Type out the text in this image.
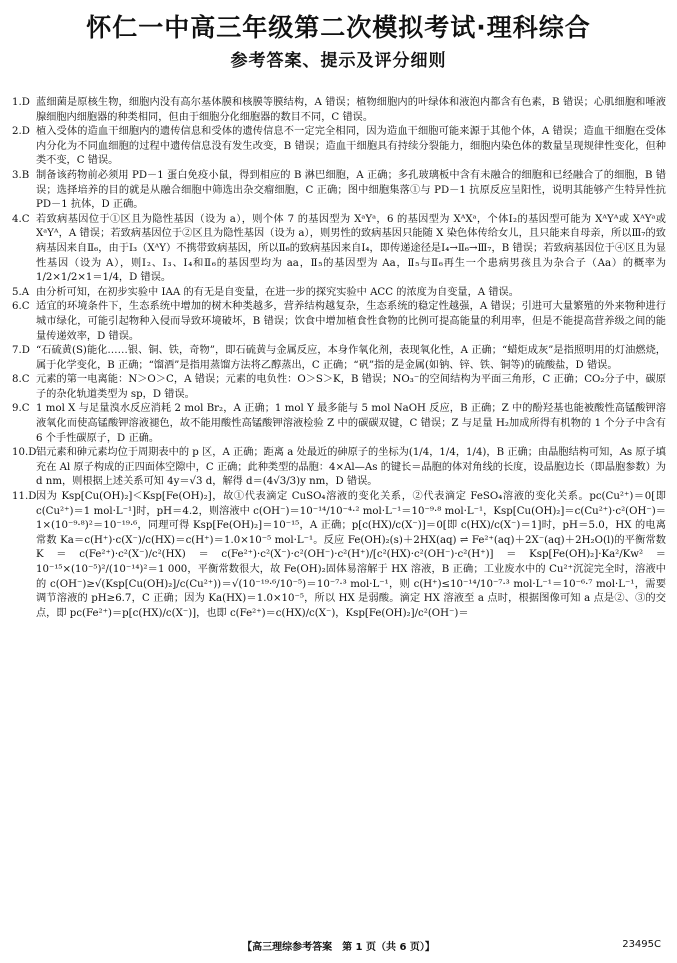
怀仁一中高三年级第二次模拟考试·理科综合
参考答案、提示及评分细则
1.D 蓝细菌是原核生物，细胞内没有高尔基体膜和核膜等膜结构，A 错误；植物细胞内的叶绿体和液泡内都含有色素，B 错误；心肌细胞和唾液腺细胞内细胞器的种类相同，但由于细胞分化细胞器的数目不同，C 错误。
2.D 植入受体的造血干细胞内的遗传信息和受体的遗传信息不一定完全相同，因为造血干细胞可能来源于其他个体，A 错误；造血干细胞在受体内分化为不同血细胞的过程中遗传信息没有发生改变，B 错误；造血干细胞具有持续分裂能力，细胞内染色体的数量呈现规律性变化，但种类不变，C 错误。
3.B 制备该药物前必须用 PD－1 蛋白免疫小鼠，得到相应的 B 淋巴细胞，A 正确；多孔玻璃板中含有未融合的细胞和已经融合了的细胞，B 错误；选择培养的目的就是从融合细胞中筛选出杂交瘤细胞，C 正确；图中细胞集落①与 PD－1 抗原反应呈阳性，说明其能够产生特异性抗 PD－1 抗体，D 正确。
4.C 若致病基因位于①区且为隐性基因（设为 a），则个体 7 的基因型为 XᵃYᵃ，6 的基因型为 XᴬXᵃ，个体Ⅰ₂的基因型可能为 XᴬYᴬ或 XᴬYᵃ或 XᵃYᴬ，A 错误；若致病基因位于②区且为隐性基因（设为 a），则男性的致病基因只能随 X 染色体传给女儿，且只能来自母亲，所以Ⅲ₇的致病基因来自Ⅱ₆，由于Ⅰ₃（XᴬY）不携带致病基因，所以Ⅱ₆的致病基因来自Ⅰ₄，即传递途径是Ⅰ₄→Ⅱ₆→Ⅲ₇，B 错误；若致病基因位于④区且为显性基因（设为 A），则Ⅰ₂、Ⅰ₃、Ⅰ₄和Ⅱ₆的基因型均为 aa，Ⅱ₅的基因型为 Aa，Ⅱ₅与Ⅱ₆再生一个患病男孩且为杂合子（Aa）的概率为 1/2×1/2×1＝1/4，D 错误。
5.A 由分析可知，在初步实验中 IAA 的有无是自变量，在进一步的探究实验中 ACC 的浓度为自变量，A 错误。
6.C 适宜的环境条件下，生态系统中增加的树木种类越多，营养结构越复杂，生态系统的稳定性越强，A 错误；引进可大量繁殖的外来物种进行城市绿化，可能引起物种入侵而导致环境破坏，B 错误；饮食中增加植食性食物的比例可提高能量的利用率，但是不能提高营养级之间的能量传递效率，D 错误。
7.D “石硫黄(S)能化……银、铜、铁，奇物”，即石硫黄与金属反应，本身作氧化剂，表现氧化性，A 正确；“蜡炬成灰”是指照明用的灯油燃烧，属于化学变化，B 正确；“馏酒”是指用蒸馏方法将乙醇蒸出，C 正确；“矾”指的是金属(如钠、锌、铁、铜等)的硫酸盐，D 错误。
8.C 元素的第一电离能：N＞O＞C，A 错误；元素的电负性：O＞S＞K，B 错误；NO₃⁻的空间结构为平面三角形，C 正确；CO₂分子中，碳原子的杂化轨道类型为 sp，D 错误。
9.C 1 mol X 与足量溴水反应消耗 2 mol Br₂，A 正确；1 mol Y 最多能与 5 mol NaOH 反应，B 正确；Z 中的酚羟基也能被酸性高锰酸钾溶液氧化而使高锰酸钾溶液褪色，故不能用酸性高锰酸钾溶液检验 Z 中的碳碳双键，C 错误；Z 与足量 H₂加成所得有机物的 1 个分子中含有 6 个手性碳原子，D 正确。
10.D 铝元素和砷元素均位于周期表中的 p 区，A 正确；距离 a 处最近的砷原子的坐标为(1/4，1/4，1/4)，B 正确；由晶胞结构可知，As 原子填充在 Al 原子构成的正四面体空隙中，C 正确；此种类型的晶胞：4×Al—As 的键长＝晶胞的体对角线的长度，设晶胞边长（即晶胞参数）为 d nm，则根据上述关系可知 4y＝√3 d，解得 d＝(4√3/3)y nm，D 错误。
11.D 因为 Ksp[Cu(OH)₂]＜Ksp[Fe(OH)₂]，故①代表滴定 CuSO₄溶液的变化关系，②代表滴定 FeSO₄溶液的变化关系。pc(Cu²⁺)＝0[即 c(Cu²⁺)＝1 mol·L⁻¹]时，pH＝4.2，则溶液中 c(OH⁻)＝10⁻¹⁴/10⁻⁴·² mol·L⁻¹＝10⁻⁹·⁸ mol·L⁻¹，Ksp[Cu(OH)₂]＝c(Cu²⁺)·c²(OH⁻)＝1×(10⁻⁹·⁸)²＝10⁻¹⁹·⁶，同理可得 Ksp[Fe(OH)₂]＝10⁻¹⁵，A 正确；p[c(HX)/c(X⁻)]＝0[即 c(HX)/c(X⁻)＝1]时，pH＝5.0，HX 的电离常数 Ka＝c(H⁺)·c(X⁻)/c(HX)＝c(H⁺)＝1.0×10⁻⁵ mol·L⁻¹。反应 Fe(OH)₂(s)＋2HX(aq) ⇌ Fe²⁺(aq)＋2X⁻(aq)＋2H₂O(l)的平衡常数 K＝c(Fe²⁺)·c²(X⁻)/c²(HX)＝c(Fe²⁺)·c²(X⁻)·c²(OH⁻)·c²(H⁺)/[c²(HX)·c²(OH⁻)·c²(H⁺)]＝Ksp[Fe(OH)₂]·Ka²/Kw²＝10⁻¹⁵×(10⁻⁵)²/(10⁻¹⁴)²＝1 000，平衡常数很大，故 Fe(OH)₂固体易溶解于 HX 溶液，B 正确；工业废水中的 Cu²⁺沉淀完全时，溶液中的 c(OH⁻)≥√(Ksp[Cu(OH)₂]/c(Cu²⁺))＝√(10⁻¹⁹·⁶/10⁻⁵)＝10⁻⁷·³ mol·L⁻¹，则 c(H⁺)≤10⁻¹⁴/10⁻⁷·³ mol·L⁻¹＝10⁻⁶·⁷ mol·L⁻¹，需要调节溶液的 pH≥6.7，C 正确；因为 Ka(HX)＝1.0×10⁻⁵，所以 HX 是弱酸。滴定 HX 溶液至 a 点时，根据图像可知 a 点是②、③的交点，即 pc(Fe²⁺)＝p[c(HX)/c(X⁻)]，也即 c(Fe²⁺)＝c(HX)/c(X⁻)，Ksp[Fe(OH)₂]/c²(OH⁻)＝
【高三理综参考答案　第 1 页（共 6 页）】	23495C
